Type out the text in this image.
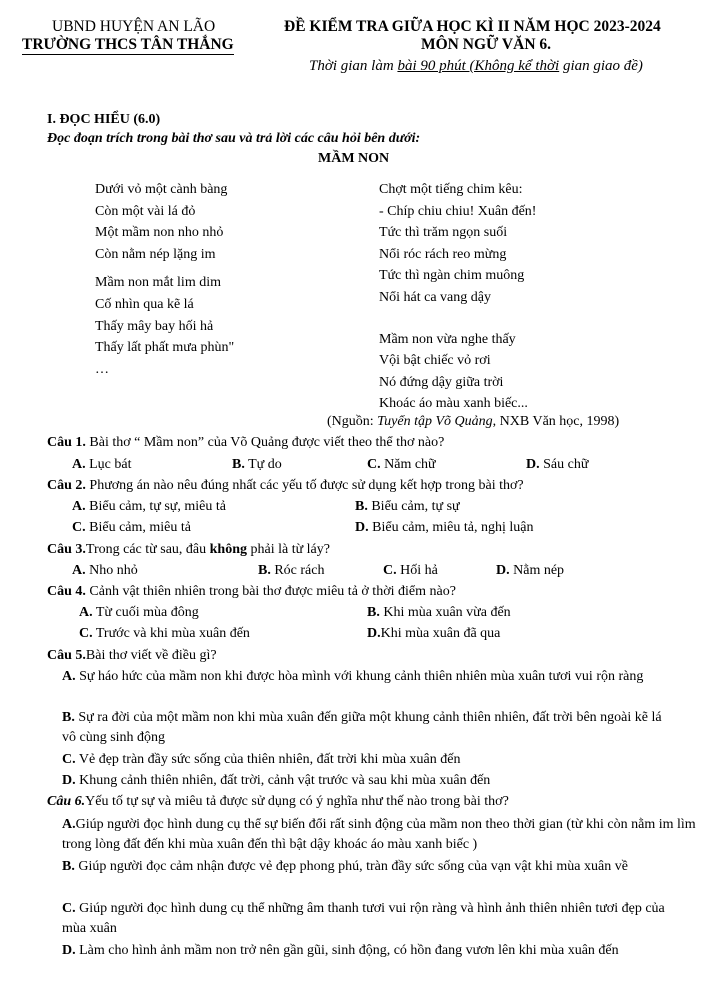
UBND HUYỆN AN LÃO
TRƯỜNG THCS TÂN THẮNG
ĐỀ KIỂM TRA GIỮA HỌC KÌ II NĂM HỌC 2023-2024
MÔN NGỮ VĂN 6.
Thời gian làm bài 90 phút (Không kể thời gian giao đề)
I. ĐỌC HIỂU (6.0)
Đọc đoạn trích trong bài thơ sau và trả lời các câu hỏi bên dưới:
MẦM NON
Dưới vỏ một cành bàng
Còn một vài lá đỏ
Một mầm non nho nhỏ
Còn nằm nép lặng im
Mầm non mắt lim dim
Cố nhìn qua kẽ lá
Thấy mây bay hối hả
Thấy lất phất mưa phùn"
…
Chợt một tiếng chim kêu:
- Chíp chiu chiu! Xuân đến!
Tức thì trăm ngọn suối
Nổi róc rách reo mừng
Tức thì ngàn chim muông
Nổi hát ca vang dậy
Mầm non vừa nghe thấy
Vội bật chiếc vỏ rơi
Nó đứng dậy giữa trời
Khoác áo màu xanh biếc...
(Nguồn: Tuyển tập Võ Quảng, NXB Văn học, 1998)
Câu 1. Bài thơ “ Mầm non” của Võ Quảng được viết theo thể thơ nào?
A. Lục bát	B. Tự do	C. Năm chữ	D. Sáu chữ
Câu 2. Phương án nào nêu đúng nhất các yếu tố được sử dụng kết hợp trong bài thơ?
A. Biểu cảm, tự sự, miêu tả	B. Biểu cảm, tự sự
C. Biểu cảm, miêu tả	D. Biểu cảm, miêu tả, nghị luận
Câu 3.Trong các từ sau, đâu không phải là từ láy?
A. Nho nhỏ	B. Róc rách	C. Hối hả	D. Nằm nép
Câu 4. Cảnh vật thiên nhiên trong bài thơ được miêu tả ở thời điểm nào?
A. Từ cuối mùa đông	B. Khi mùa xuân vừa đến
C. Trước và khi mùa xuân đến	D.Khi mùa xuân đã qua
Câu 5.Bài thơ viết về điều gì?
A. Sự háo hức của mầm non khi được hòa mình với khung cảnh thiên nhiên mùa xuân tươi vui rộn ràng
B. Sự ra đời của một mầm non khi mùa xuân đến giữa một khung cảnh thiên nhiên, đất trời bên ngoài kẽ lá vô cùng sinh động
C. Vẻ đẹp tràn đầy sức sống của thiên nhiên, đất trời khi mùa xuân đến
D. Khung cảnh thiên nhiên, đất trời, cảnh vật trước và sau khi mùa xuân đến
Câu 6.Yếu tố tự sự và miêu tả được sử dụng có ý nghĩa như thế nào trong bài thơ?
A.Giúp người đọc hình dung cụ thể sự biến đổi rất sinh động của mầm non theo thời gian (từ khi còn nằm im lìm trong lòng đất đến khi mùa xuân đến thì bật dậy khoác áo màu xanh biếc )
B. Giúp người đọc cảm nhận được vẻ đẹp phong phú, tràn đầy sức sống của vạn vật khi mùa xuân về
C. Giúp người đọc hình dung cụ thể những âm thanh tươi vui rộn ràng và hình ảnh thiên nhiên tươi đẹp của mùa xuân
D. Làm cho hình ảnh mầm non trở nên gần gũi, sinh động, có hồn đang vươn lên khi mùa xuân đến
